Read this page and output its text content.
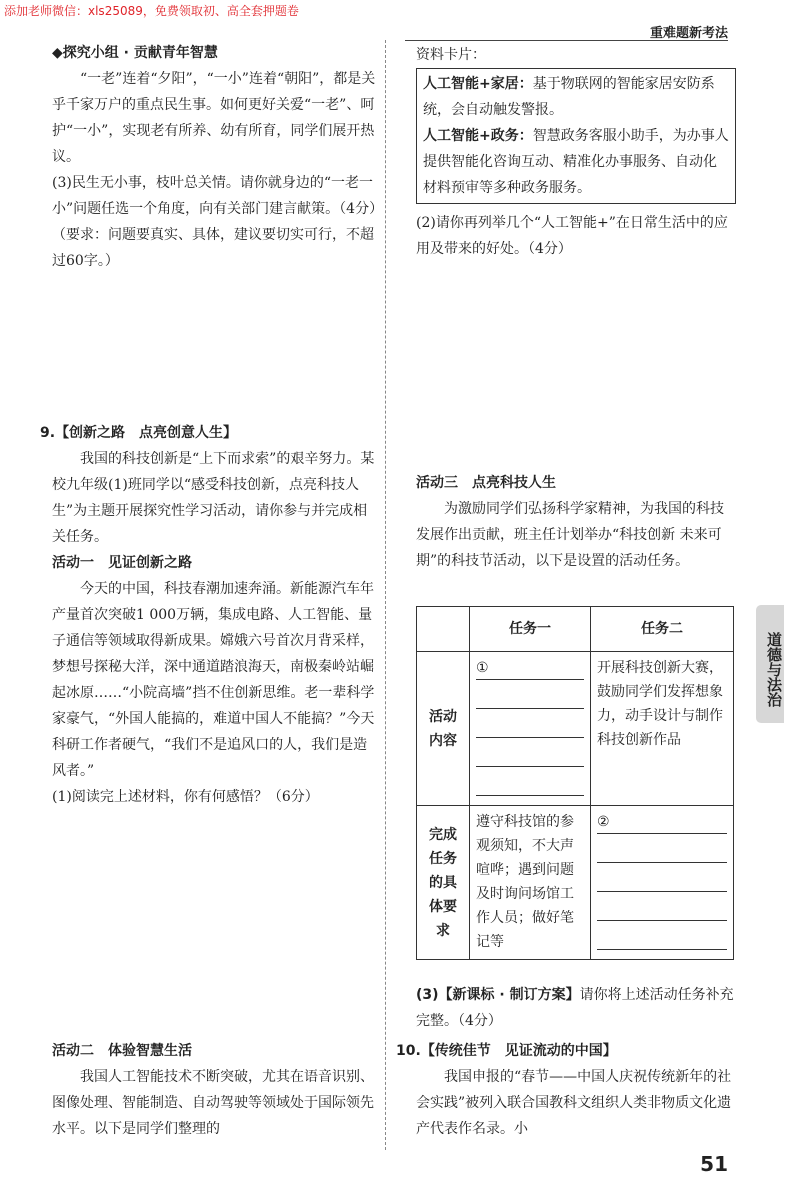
添加老师微信：xls25089，免费领取初、高全套押题卷
重难题新考法

◆探究小组 · 贡献青年智慧

“一老”连着“夕阳”，“一小”连着“朝阳”，都是关乎千家万户的重点民生事。如何更好关爱“一老”、呵护“一小”，实现老有所养、幼有所育，同学们展开热议。

(3)民生无小事，枝叶总关情。请你就身边的“一老一小”问题任选一个角度，向有关部门建言献策。（4分）

（要求：问题要真实、具体，建议要切实可行，不超过60字。）

9.【创新之路　点亮创意人生】

我国的科技创新是“上下而求索”的艰辛努力。某校九年级(1)班同学以“感受科技创新，点亮科技人生”为主题开展探究性学习活动，请你参与并完成相关任务。

活动一　见证创新之路

今天的中国，科技春潮加速奔涌。新能源汽车年产量首次突破1 000万辆，集成电路、人工智能、量子通信等领域取得新成果。嫦娥六号首次月背采样，梦想号探秘大洋，深中通道踏浪海天，南极秦岭站崛起冰原……“小院高墙”挡不住创新思维。老一辈科学家豪气，“外国人能搞的，难道中国人不能搞？”今天科研工作者硬气，“我们不是追风口的人，我们是造风者。”

(1)阅读完上述材料，你有何感悟？（6分）

活动二　体验智慧生活

我国人工智能技术不断突破，尤其在语音识别、图像处理、智能制造、自动驾驶等领域处于国际领先水平。以下是同学们整理的

资料卡片：

人工智能+家居：基于物联网的智能家居安防系统，会自动触发警报。

人工智能+政务：智慧政务客服小助手，为办事人提供智能化咨询互动、精准化办事服务、自动化材料预审等多种政务服务。

(2)请你再列举几个“人工智能+”在日常生活中的应用及带来的好处。（4分）

活动三　点亮科技人生

为激励同学们弘扬科学家精神，为我国的科技发展作出贡献，班主任计划举办“科技创新 未来可期”的科技节活动，以下是设置的活动任务。

	任务一	任务二
活动内容	①	开展科技创新大赛，鼓励同学们发挥想象力，动手设计与制作科技创新作品
完成任务的具体要求	遵守科技馆的参观须知，不大声喧哗；遇到问题及时询问场馆工作人员；做好笔记等	②

(3)【新课标 · 制订方案】请你将上述活动任务补充完整。（4分）

10.【传统佳节　见证流动的中国】

我国申报的“春节——中国人庆祝传统新年的社会实践”被列入联合国教科文组织人类非物质文化遗产代表作名录。小

道德与法治
51
